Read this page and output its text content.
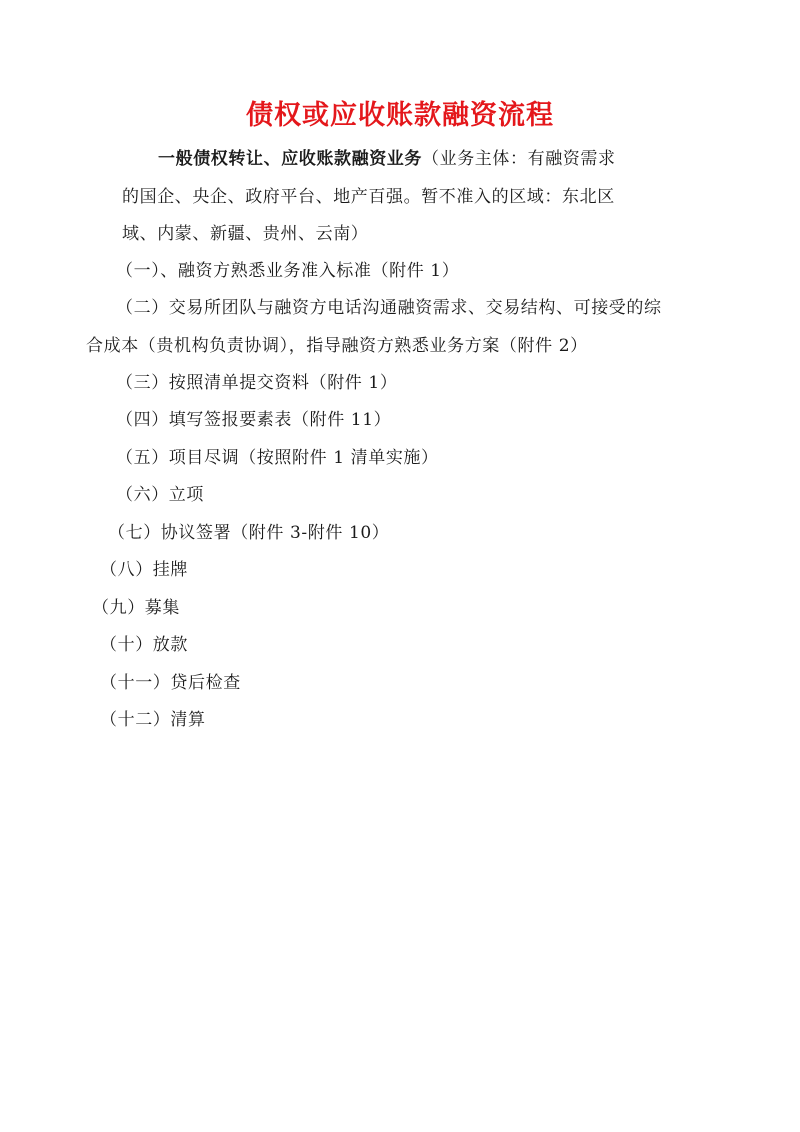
债权或应收账款融资流程
一般债权转让、应收账款融资业务（业务主体：有融资需求
的国企、央企、政府平台、地产百强。暂不准入的区域：东北区
域、内蒙、新疆、贵州、云南）
（一）、融资方熟悉业务准入标准（附件 1）
（二）交易所团队与融资方电话沟通融资需求、交易结构、可接受的综
合成本（贵机构负责协调），指导融资方熟悉业务方案（附件 2）
（三）按照清单提交资料（附件 1）
（四）填写签报要素表（附件 11）
（五）项目尽调（按照附件 1 清单实施）
（六）立项
（七）协议签署（附件 3-附件 10）
（八）挂牌
（九）募集
（十）放款
（十一）贷后检查
（十二）清算
